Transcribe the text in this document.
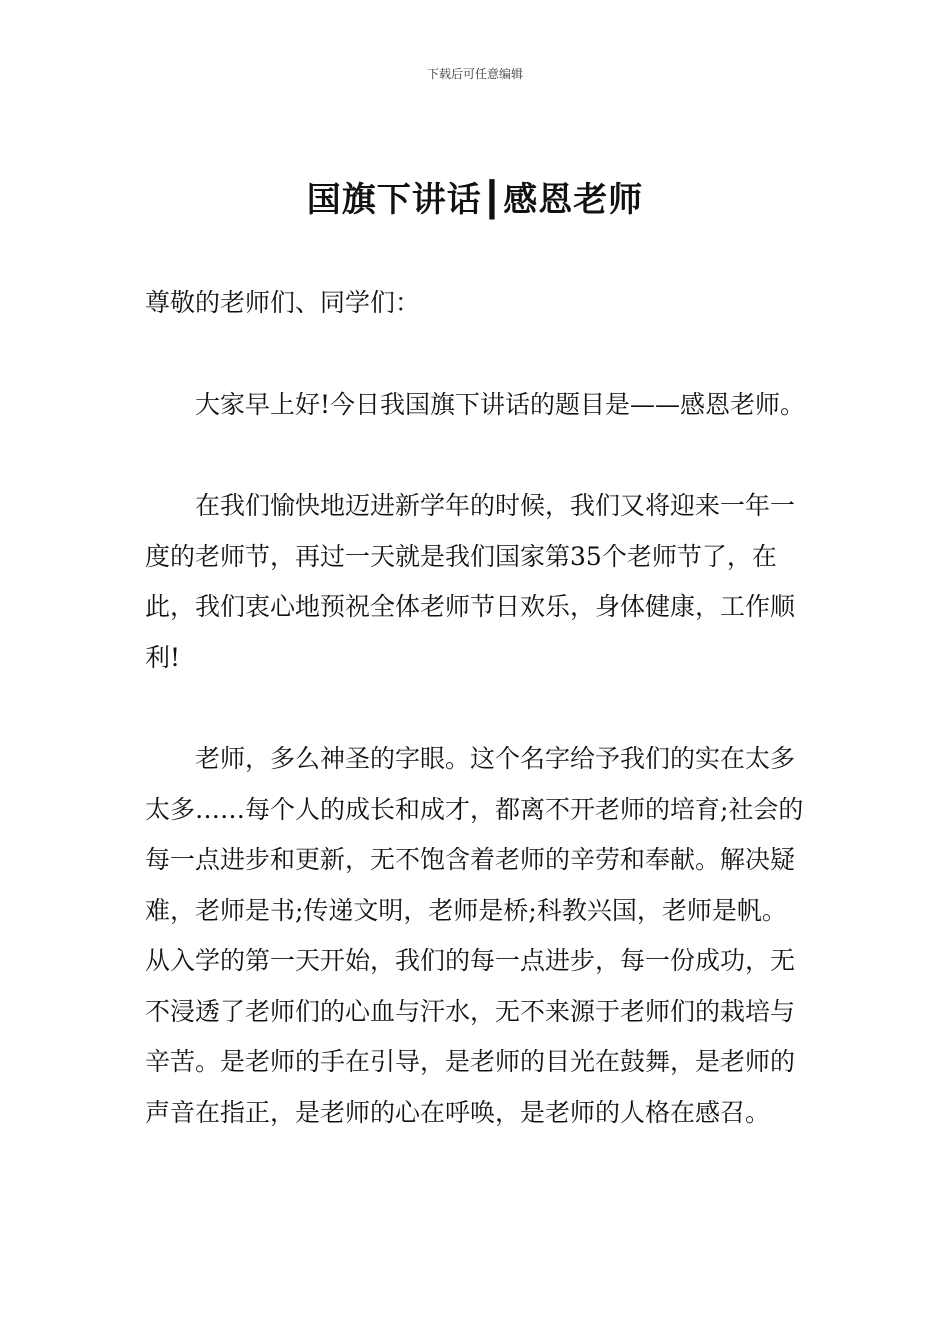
下载后可任意编辑
国旗下讲话┃感恩老师

尊敬的老师们、同学们：

大家早上好!今日我国旗下讲话的题目是——感恩老师。

在我们愉快地迈进新学年的时候，我们又将迎来一年一度的老师节，再过一天就是我们国家第35个老师节了，在此，我们衷心地预祝全体老师节日欢乐，身体健康，工作顺利!

老师，多么神圣的字眼。这个名字给予我们的实在太多太多……每个人的成长和成才，都离不开老师的培育;社会的每一点进步和更新，无不饱含着老师的辛劳和奉献。解决疑难，老师是书;传递文明，老师是桥;科教兴国，老师是帆。从入学的第一天开始，我们的每一点进步，每一份成功，无不浸透了老师们的心血与汗水，无不来源于老师们的栽培与辛苦。是老师的手在引导，是老师的目光在鼓舞，是老师的声音在指正，是老师的心在呼唤，是老师的人格在感召。
